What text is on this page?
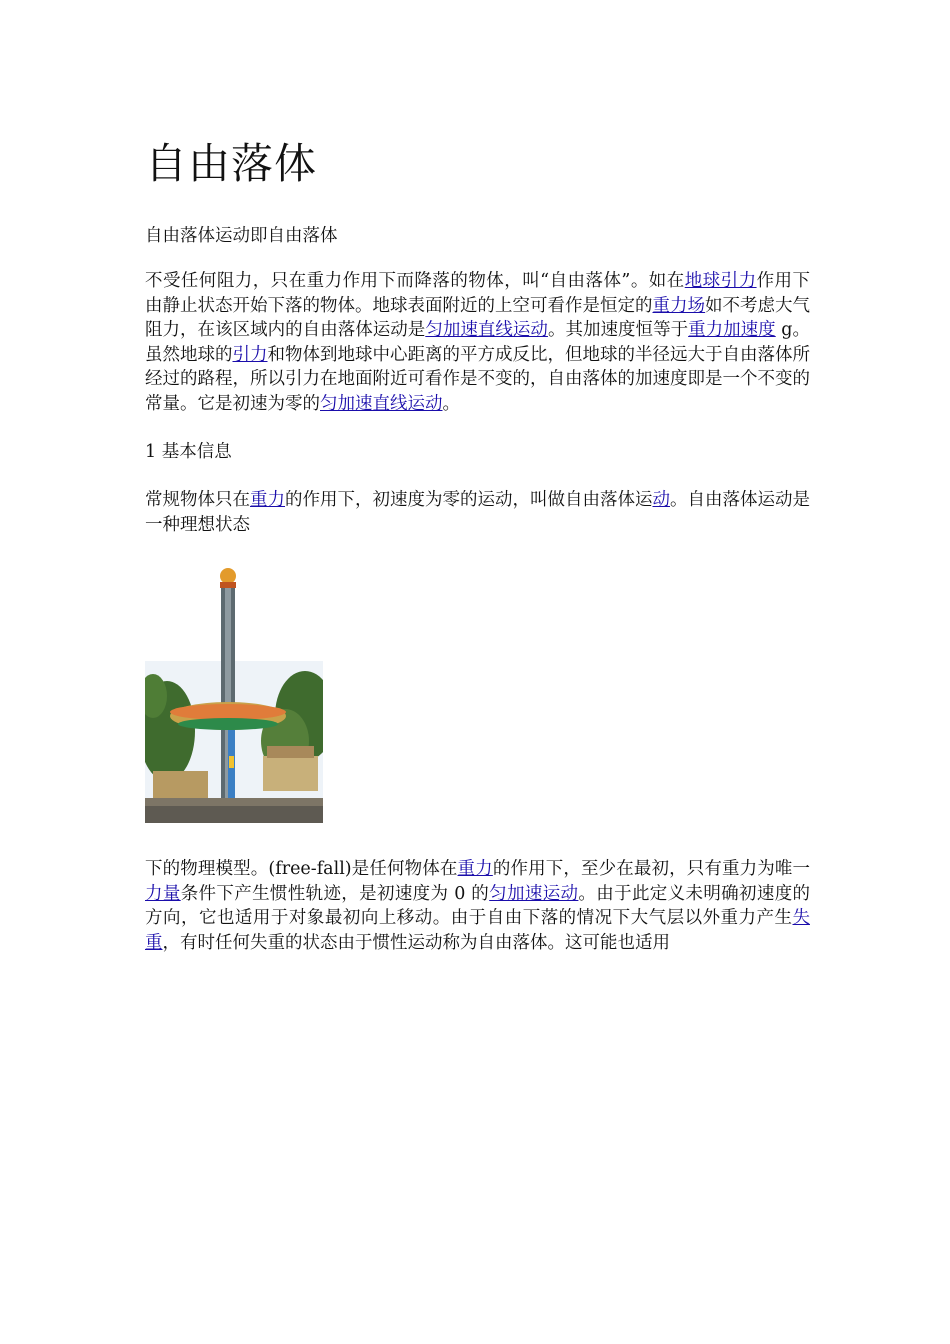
自由落体

自由落体运动即自由落体

不受任何阻力，只在重力作用下而降落的物体，叫“自由落体”。如在地球引力作用下由静止状态开始下落的物体。地球表面附近的上空可看作是恒定的重力场如不考虑大气阻力，在该区域内的自由落体运动是匀加速直线运动。其加速度恒等于重力加速度 g。虽然地球的引力和物体到地球中心距离的平方成反比，但地球的半径远大于自由落体所经过的路程，所以引力在地面附近可看作是不变的，自由落体的加速度即是一个不变的常量。它是初速为零的匀加速直线运动。

1 基本信息

常规物体只在重力的作用下，初速度为零的运动，叫做自由落体运动。自由落体运动是一种理想状态

下的物理模型。(free-fall)是任何物体在重力的作用下，至少在最初，只有重力为唯一力量条件下产生惯性轨迹，是初速度为 0 的匀加速运动。由于此定义未明确初速度的方向，它也适用于对象最初向上移动。由于自由下落的情况下大气层以外重力产生失重，有时任何失重的状态由于惯性运动称为自由落体。这可能也适用
